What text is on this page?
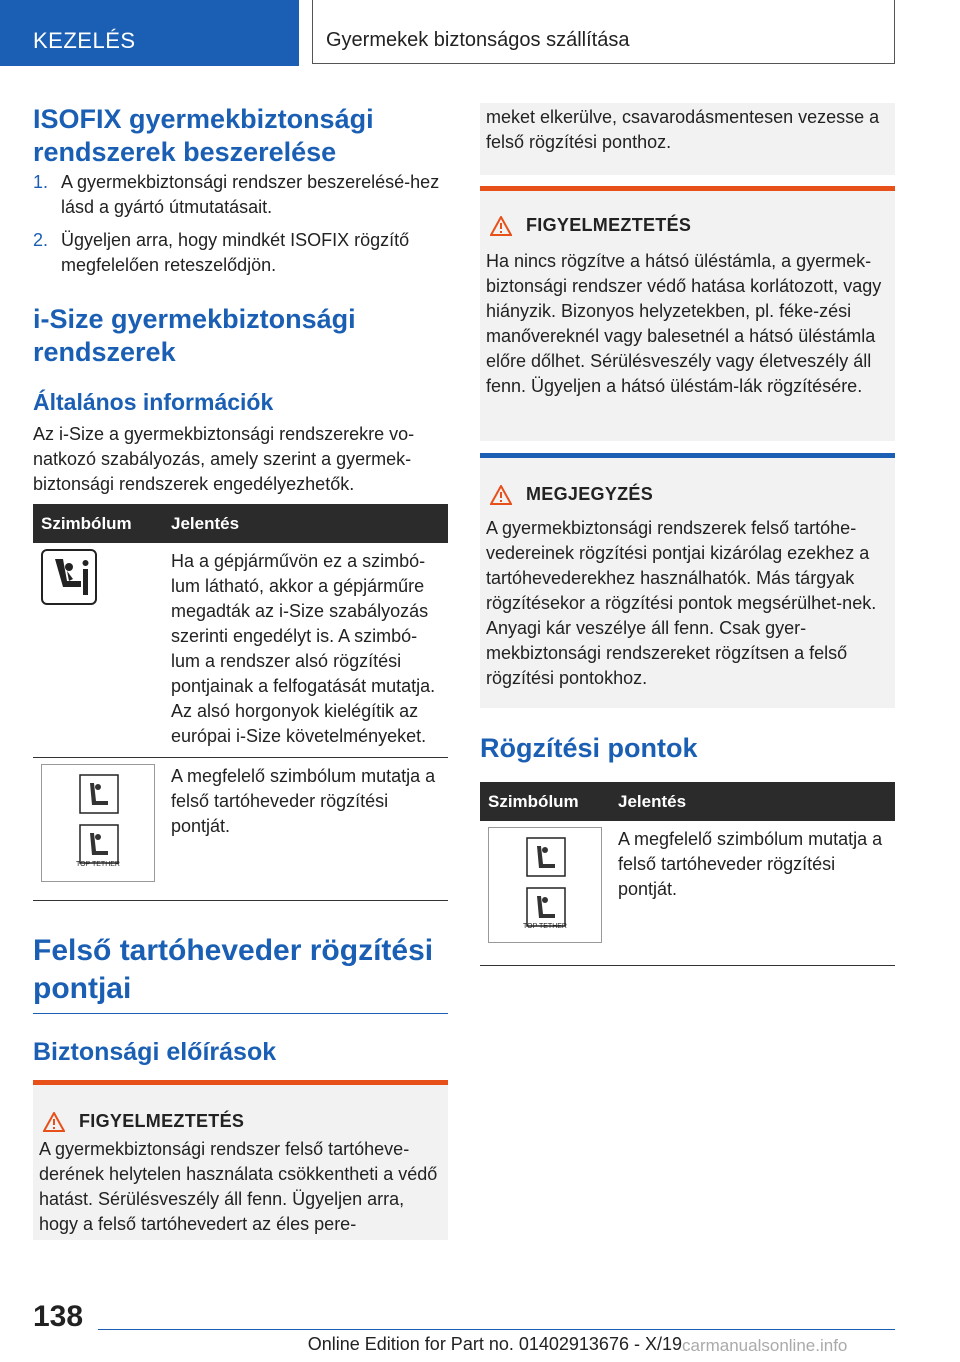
KEZELÉS	Gyermekek biztonságos szállítása
ISOFIX gyermekbiztonsági rendszerek beszerelése
1. A gyermekbiztonsági rendszer beszerelésé‐hez lásd a gyártó útmutatásait.
2. Ügyeljen arra, hogy mindkét ISOFIX rögzítő megfelelően reteszelődjön.
i-Size gyermekbiztonsági rendszerek
Általános információk
Az i-Size a gyermekbiztonsági rendszerekre vo‐natkozó szabályozás, amely szerint a gyermek‐biztonsági rendszerek engedélyezhetők.
Szimbólum	Jelentés

	Ha a gépjárművön ez a szimbó‐lum látható, akkor a gépjárműre megadták az i-Size szabályozás szerinti engedélyt is. A szimbó‐lum a rendszer alsó rögzítési pontjainak a felfogatását mutatja. Az alsó horgonyok kielégítik az európai i-Size követelményeket.

TOP TETHER	A megfelelő szimbólum mutatja a felső tartóheveder rögzítési pontját.
Felső tartóheveder rögzítési pontjai
Biztonsági előírások
FIGYELMEZTETÉS
A gyermekbiztonsági rendszer felső tartóheve‐derének helytelen használata csökkentheti a védő hatást. Sérülésveszély áll fenn. Ügyeljen arra, hogy a felső tartóhevedert az éles pere‐
meket elkerülve, csavarodásmentesen vezesse a felső rögzítési ponthoz.
FIGYELMEZTETÉS
Ha nincs rögzítve a hátsó üléstámla, a gyermek‐biztonsági rendszer védő hatása korlátozott, vagy hiányzik. Bizonyos helyzetekben, pl. féke‐zési manővereknél vagy balesetnél a hátsó üléstámla előre dőlhet. Sérülésveszély vagy életveszély áll fenn. Ügyeljen a hátsó üléstám‐lák rögzítésére.
MEGJEGYZÉS
A gyermekbiztonsági rendszerek felső tartóhe‐vedereinek rögzítési pontjai kizárólag ezekhez a tartóhevederekhez használhatók. Más tárgyak rögzítésekor a rögzítési pontok megsérülhet‐nek. Anyagi kár veszélye áll fenn. Csak gyer‐mekbiztonsági rendszereket rögzítsen a felső rögzítési pontokhoz.
Rögzítési pontok
Szimbólum	Jelentés

TOP TETHER	A megfelelő szimbólum mutatja a felső tartóheveder rögzítési pontját.
138
Online Edition for Part no. 01402913676 - X/19 carmanualsonline.info
